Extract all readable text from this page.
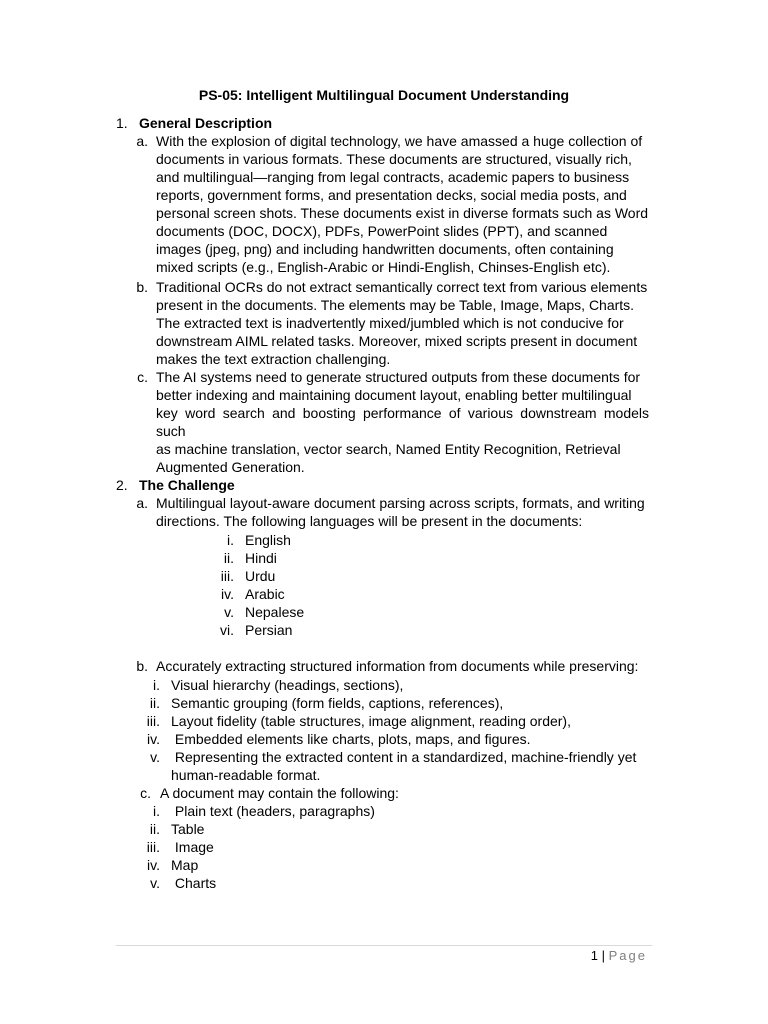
PS-05: Intelligent Multilingual Document Understanding
1. General Description
a. With the explosion of digital technology, we have amassed a huge collection of
documents in various formats. These documents are structured, visually rich,
and multilingual—ranging from legal contracts, academic papers to business
reports, government forms, and presentation decks, social media posts, and
personal screen shots. These documents exist in diverse formats such as Word
documents (DOC, DOCX), PDFs, PowerPoint slides (PPT), and scanned
images (jpeg, png) and including handwritten documents, often containing
mixed scripts (e.g., English-Arabic or Hindi-English, Chinses-English etc).
b. Traditional OCRs do not extract semantically correct text from various elements
present in the documents. The elements may be Table, Image, Maps, Charts.
The extracted text is inadvertently mixed/jumbled which is not conducive for
downstream AIML related tasks. Moreover, mixed scripts present in document
makes the text extraction challenging.
c. The AI systems need to generate structured outputs from these documents for
better indexing and maintaining document layout, enabling better multilingual
key word search and boosting performance of various downstream models such
as machine translation, vector search, Named Entity Recognition, Retrieval
Augmented Generation.
2. The Challenge
a. Multilingual layout-aware document parsing across scripts, formats, and writing
directions. The following languages will be present in the documents:
i. English
ii. Hindi
iii. Urdu
iv. Arabic
v. Nepalese
vi. Persian
b. Accurately extracting structured information from documents while preserving:
i. Visual hierarchy (headings, sections),
ii. Semantic grouping (form fields, captions, references),
iii. Layout fidelity (table structures, image alignment, reading order),
iv. Embedded elements like charts, plots, maps, and figures.
v. Representing the extracted content in a standardized, machine-friendly yet
human-readable format.
c. A document may contain the following:
i. Plain text (headers, paragraphs)
ii. Table
iii. Image
iv. Map
v. Charts
1 | Page
